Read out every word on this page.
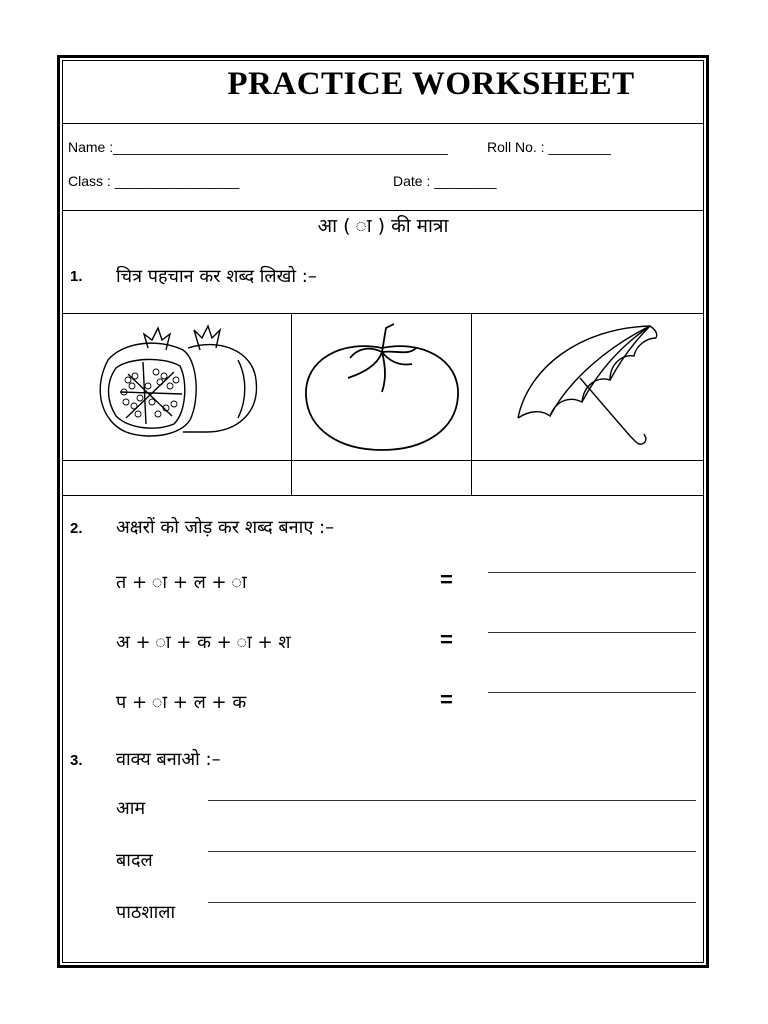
PRACTICE WORKSHEET
Name :___________________________________________	Roll No. : ________
Class : ________________	Date : ________
आ ( ा ) की मात्रा
1. चित्र पहचान कर शब्द लिखो :–
2. अक्षरों को जोड़ कर शब्द बनाए :–
त + ा + ल + ा	=
अ + ा + क + ा + श	=
प + ा + ल + क	=
3. वाक्य बनाओ :–
आम
बादल
पाठशाला
